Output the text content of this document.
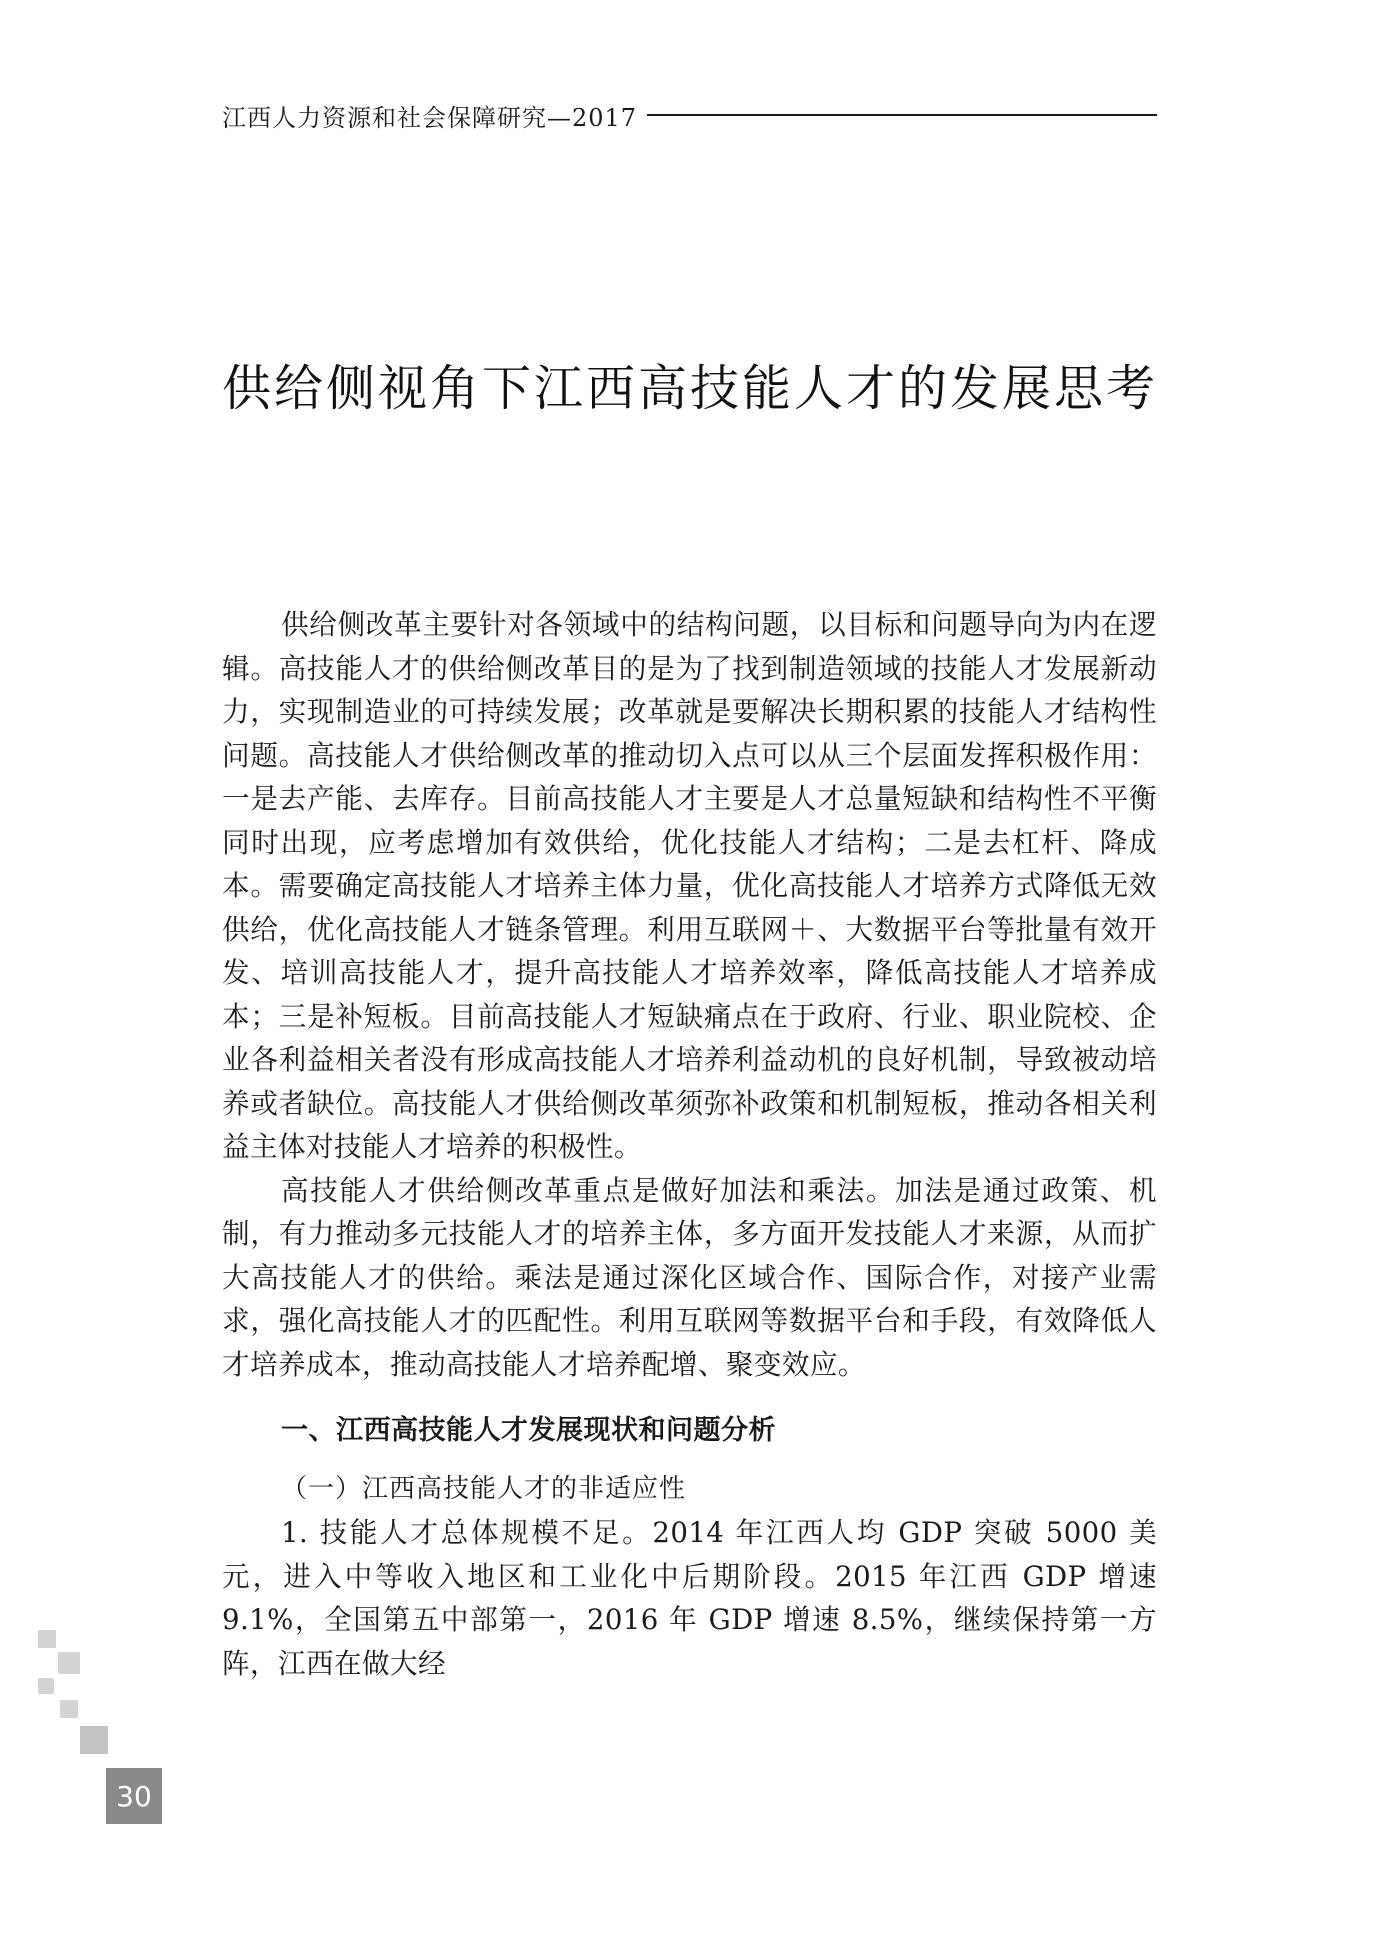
江西人力资源和社会保障研究—2017
供给侧视角下江西高技能人才的发展思考

供给侧改革主要针对各领域中的结构问题，以目标和问题导向为内在逻辑。高技能人才的供给侧改革目的是为了找到制造领域的技能人才发展新动力，实现制造业的可持续发展；改革就是要解决长期积累的技能人才结构性问题。高技能人才供给侧改革的推动切入点可以从三个层面发挥积极作用：一是去产能、去库存。目前高技能人才主要是人才总量短缺和结构性不平衡同时出现，应考虑增加有效供给，优化技能人才结构；二是去杠杆、降成本。需要确定高技能人才培养主体力量，优化高技能人才培养方式降低无效供给，优化高技能人才链条管理。利用互联网＋、大数据平台等批量有效开发、培训高技能人才，提升高技能人才培养效率，降低高技能人才培养成本；三是补短板。目前高技能人才短缺痛点在于政府、行业、职业院校、企业各利益相关者没有形成高技能人才培养利益动机的良好机制，导致被动培养或者缺位。高技能人才供给侧改革须弥补政策和机制短板，推动各相关利益主体对技能人才培养的积极性。

高技能人才供给侧改革重点是做好加法和乘法。加法是通过政策、机制，有力推动多元技能人才的培养主体，多方面开发技能人才来源，从而扩大高技能人才的供给。乘法是通过深化区域合作、国际合作，对接产业需求，强化高技能人才的匹配性。利用互联网等数据平台和手段，有效降低人才培养成本，推动高技能人才培养配增、聚变效应。

一、江西高技能人才发展现状和问题分析
（一）江西高技能人才的非适应性

1. 技能人才总体规模不足。2014 年江西人均 GDP 突破 5000 美元，进入中等收入地区和工业化中后期阶段。2015 年江西 GDP 增速 9.1%，全国第五中部第一，2016 年 GDP 增速 8.5%，继续保持第一方阵，江西在做大经

30
